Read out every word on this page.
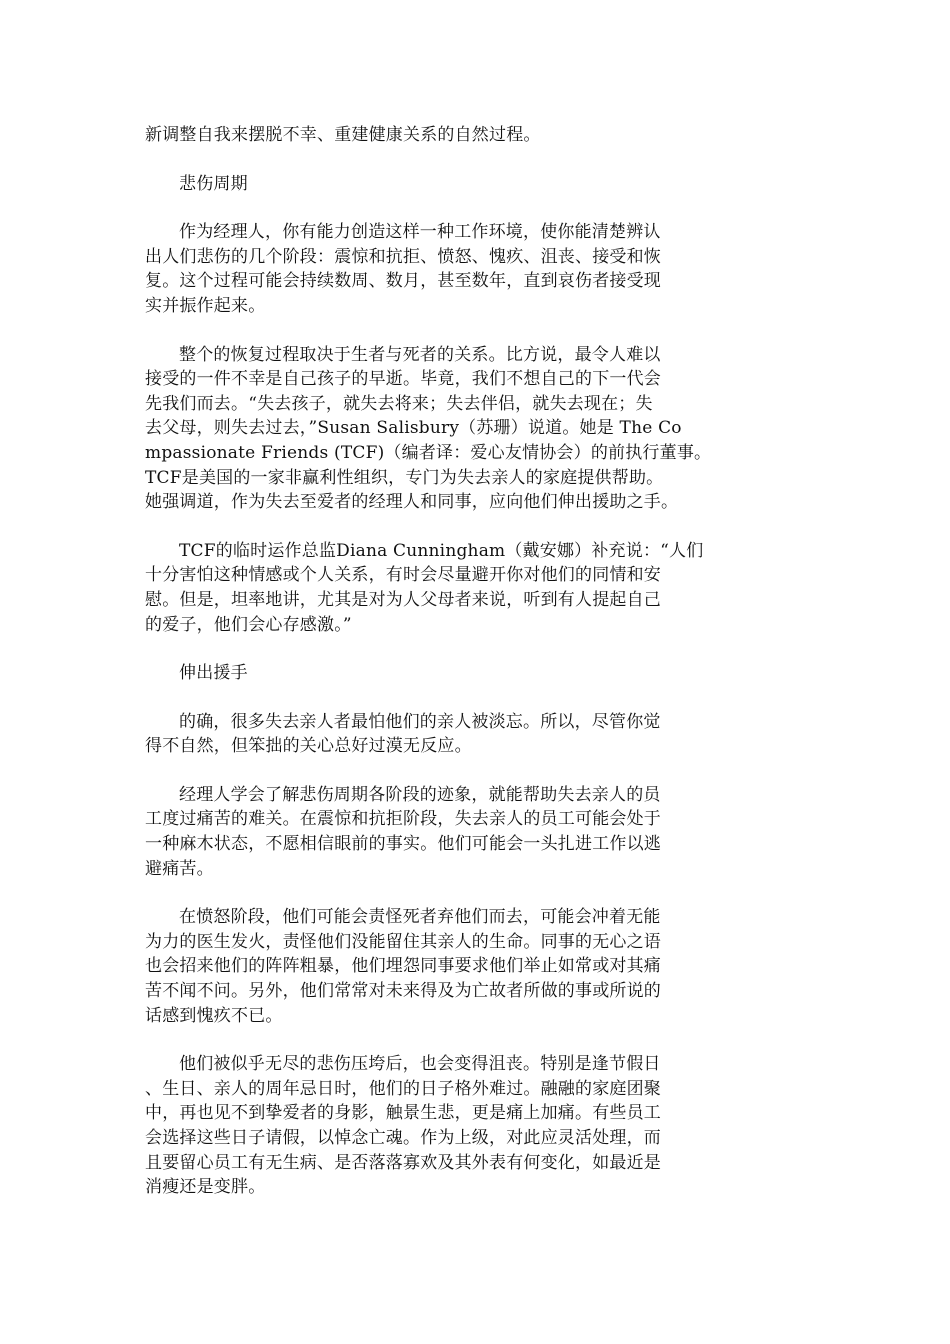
新调整自我来摆脱不幸、重建健康关系的自然过程。
悲伤周期
作为经理人，你有能力创造这样一种工作环境，使你能清楚辨认
出人们悲伤的几个阶段：震惊和抗拒、愤怒、愧疚、沮丧、接受和恢
复。这个过程可能会持续数周、数月，甚至数年，直到哀伤者接受现
实并振作起来。
整个的恢复过程取决于生者与死者的关系。比方说，最令人难以
接受的一件不幸是自己孩子的早逝。毕竟，我们不想自己的下一代会
先我们而去。“失去孩子，就失去将来；失去伴侣，就失去现在；失
去父母，则失去过去，”Susan Salisbury（苏珊）说道。她是 The Co
mpassionate Friends (TCF)（编者译：爱心友情协会）的前执行董事。
TCF是美国的一家非赢利性组织，专门为失去亲人的家庭提供帮助。
她强调道，作为失去至爱者的经理人和同事，应向他们伸出援助之手。
TCF的临时运作总监Diana Cunningham（戴安娜）补充说：“人们
十分害怕这种情感或个人关系，有时会尽量避开你对他们的同情和安
慰。但是，坦率地讲，尤其是对为人父母者来说，听到有人提起自己
的爱子，他们会心存感激。”
伸出援手
的确，很多失去亲人者最怕他们的亲人被淡忘。所以，尽管你觉
得不自然，但笨拙的关心总好过漠无反应。
经理人学会了解悲伤周期各阶段的迹象，就能帮助失去亲人的员
工度过痛苦的难关。在震惊和抗拒阶段，失去亲人的员工可能会处于
一种麻木状态，不愿相信眼前的事实。他们可能会一头扎进工作以逃
避痛苦。
在愤怒阶段，他们可能会责怪死者弃他们而去，可能会冲着无能
为力的医生发火，责怪他们没能留住其亲人的生命。同事的无心之语
也会招来他们的阵阵粗暴，他们埋怨同事要求他们举止如常或对其痛
苦不闻不问。另外，他们常常对未来得及为亡故者所做的事或所说的
话感到愧疚不已。
他们被似乎无尽的悲伤压垮后，也会变得沮丧。特别是逢节假日
、生日、亲人的周年忌日时，他们的日子格外难过。融融的家庭团聚
中，再也见不到挚爱者的身影，触景生悲，更是痛上加痛。有些员工
会选择这些日子请假，以悼念亡魂。作为上级，对此应灵活处理，而
且要留心员工有无生病、是否落落寡欢及其外表有何变化，如最近是
消瘦还是变胖。
